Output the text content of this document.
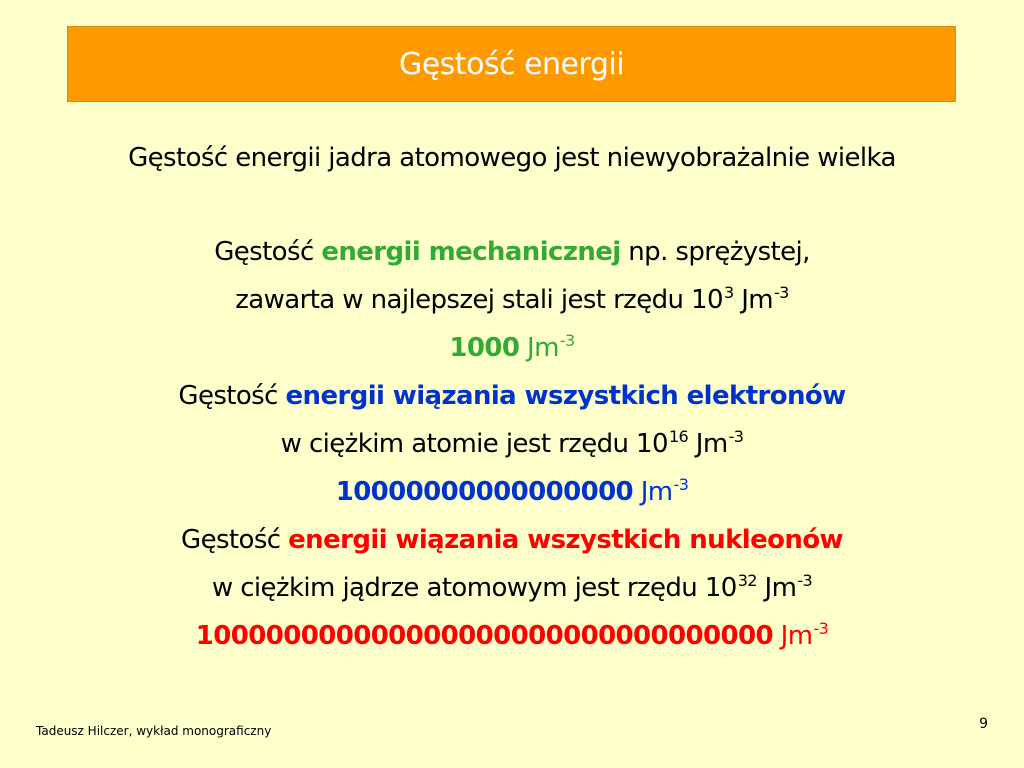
Gęstość energii
Gęstość energii jadra atomowego jest niewyobrażalnie wielka
Gęstość energii mechanicznej np. sprężystej,
zawarta w najlepszej stali jest rzędu $10^3$ $Jm^{-3}$
1000 $Jm^{-3}$
Gęstość energii wiązania wszystkich elektronów
w ciężkim atomie jest rzędu $10^{16}$ $Jm^{-3}$
10000000000000000 $Jm^{-3}$
Gęstość energii wiązania wszystkich nukleonów
w ciężkim jądrze atomowym jest rzędu $10^{32}$ $Jm^{-3}$
100000000000000000000000000000000 $Jm^{-3}$
Tadeusz Hilczer, wykład monograficzny	9
